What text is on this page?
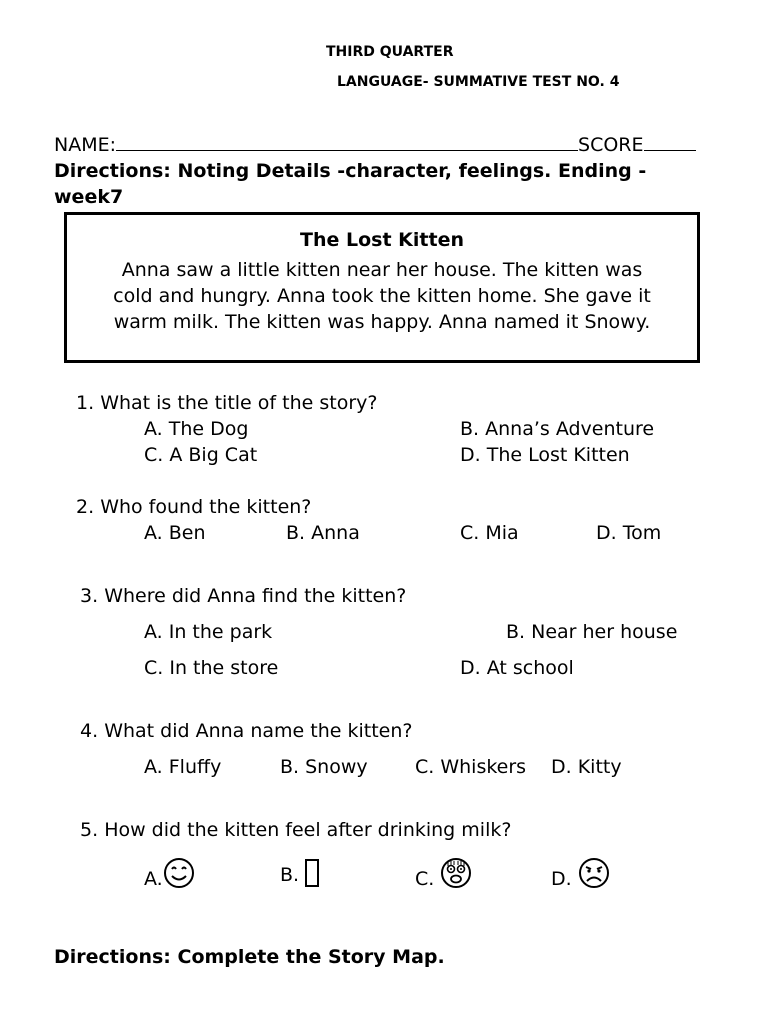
THIRD QUARTER
LANGUAGE- SUMMATIVE TEST NO. 4
NAME:	SCORE
Directions: Noting Details -character, feelings. Ending -week7
The Lost Kitten
Anna saw a little kitten near her house. The kitten was
cold and hungry. Anna took the kitten home. She gave it
warm milk. The kitten was happy. Anna named it Snowy.
1. What is the title of the story?
A. The Dog	B. Anna’s Adventure
C. A Big Cat	D. The Lost Kitten
2. Who found the kitten?
A. Ben	B. Anna	C. Mia	D. Tom
3. Where did Anna find the kitten?
A. In the park	B. Near her house
C. In the store	D. At school
4. What did Anna name the kitten?
A. Fluffy	B. Snowy C. Whiskers D. Kitty
5. How did the kitten feel after drinking milk?
A.	B.	C.	D.
Directions: Complete the Story Map.
